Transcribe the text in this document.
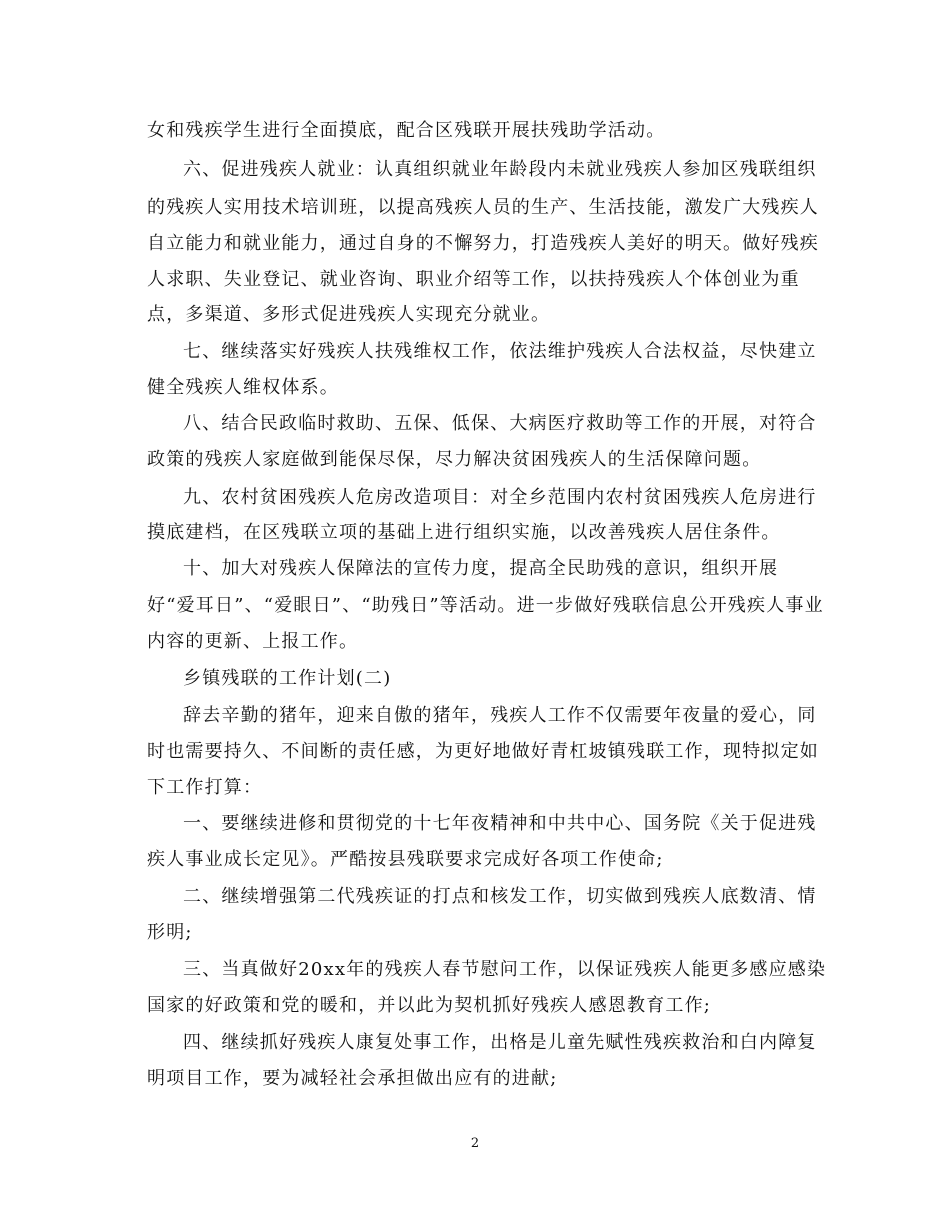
女和残疾学生进行全面摸底，配合区残联开展扶残助学活动。
六、促进残疾人就业：认真组织就业年龄段内未就业残疾人参加区残联组织
的残疾人实用技术培训班，以提高残疾人员的生产、生活技能，激发广大残疾人
自立能力和就业能力，通过自身的不懈努力，打造残疾人美好的明天。做好残疾
人求职、失业登记、就业咨询、职业介绍等工作，以扶持残疾人个体创业为重
点，多渠道、多形式促进残疾人实现充分就业。
七、继续落实好残疾人扶残维权工作，依法维护残疾人合法权益，尽快建立
健全残疾人维权体系。
八、结合民政临时救助、五保、低保、大病医疗救助等工作的开展，对符合
政策的残疾人家庭做到能保尽保，尽力解决贫困残疾人的生活保障问题。
九、农村贫困残疾人危房改造项目：对全乡范围内农村贫困残疾人危房进行
摸底建档，在区残联立项的基础上进行组织实施，以改善残疾人居住条件。
十、加大对残疾人保障法的宣传力度，提高全民助残的意识，组织开展
好“爱耳日”、“爱眼日”、“助残日”等活动。进一步做好残联信息公开残疾人事业
内容的更新、上报工作。
乡镇残联的工作计划(二)
辞去辛勤的猪年，迎来自傲的猪年，残疾人工作不仅需要年夜量的爱心，同
时也需要持久、不间断的责任感，为更好地做好青杠坡镇残联工作，现特拟定如
下工作打算：
一、要继续进修和贯彻党的十七年夜精神和中共中心、国务院《关于促进残
疾人事业成长定见》。严酷按县残联要求完成好各项工作使命;
二、继续增强第二代残疾证的打点和核发工作，切实做到残疾人底数清、情
形明;
三、当真做好20xx年的残疾人春节慰问工作，以保证残疾人能更多感应感染
国家的好政策和党的暖和，并以此为契机抓好残疾人感恩教育工作;
四、继续抓好残疾人康复处事工作，出格是儿童先赋性残疾救治和白内障复
明项目工作，要为减轻社会承担做出应有的进献;
2
